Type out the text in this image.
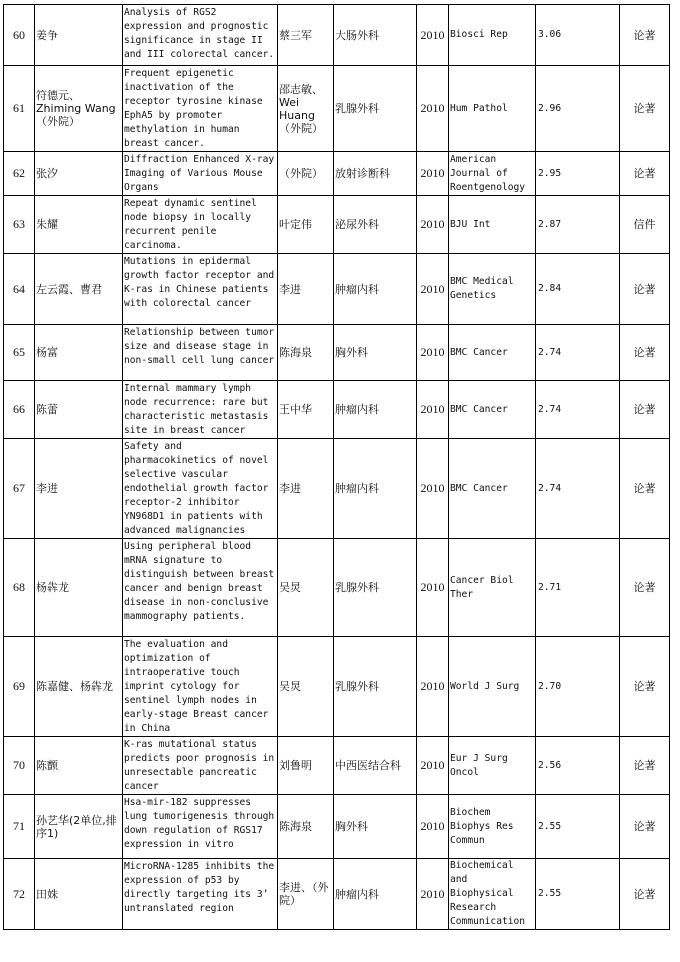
60	姜争	Analysis of RGS2 expression and prognostic significance in stage II and III colorectal cancer.	蔡三军	大肠外科	2010	Biosci Rep	3.06	论著
61	符德元、Zhiming Wang （外院）	Frequent epigenetic inactivation of the receptor tyrosine kinase EphA5 by promoter methylation in human breast cancer.	邵志敏、Wei Huang （外院）	乳腺外科	2010	Hum Pathol	2.96	论著
62	张汐	Diffraction Enhanced X-ray Imaging of Various Mouse Organs	（外院）	放射诊断科	2010	American Journal of Roentgenology	2.95	论著
63	朱耀	Repeat dynamic sentinel node biopsy in locally recurrent penile carcinoma.	叶定伟	泌尿外科	2010	BJU Int	2.87	信件
64	左云霞、曹君	Mutations in epidermal growth factor receptor and K-ras in Chinese patients with colorectal cancer	李进	肿瘤内科	2010	BMC Medical Genetics	2.84	论著
65	杨富	Relationship between tumor size and disease stage in non-small cell lung cancer	陈海泉	胸外科	2010	BMC Cancer	2.74	论著
66	陈蕾	Internal mammary lymph node recurrence: rare but characteristic metastasis site in breast cancer	王中华	肿瘤内科	2010	BMC Cancer	2.74	论著
67	李进	Safety and pharmacokinetics of novel selective vascular endothelial growth factor receptor-2 inhibitor YN968D1 in patients with advanced malignancies	李进	肿瘤内科	2010	BMC Cancer	2.74	论著
68	杨犇龙	Using peripheral blood mRNA signature to distinguish between breast cancer and benign breast disease in non-conclusive mammography patients.	吴炅	乳腺外科	2010	Cancer Biol Ther	2.71	论著
69	陈嘉健、杨犇龙	The evaluation and optimization of intraoperative touch imprint cytology for sentinel lymph nodes in early-stage Breast cancer in China	吴炅	乳腺外科	2010	World J Surg	2.70	论著
70	陈颤	K-ras mutational status predicts poor prognosis in unresectable pancreatic cancer	刘鲁明	中西医结合科	2010	Eur J Surg Oncol	2.56	论著
71	孙艺华(2单位,排序1)	Hsa-mir-182 suppresses lung tumorigenesis through down regulation of RGS17 expression in vitro	陈海泉	胸外科	2010	Biochem Biophys Res Commun	2.55	论著
72	田姝	MicroRNA-1285 inhibits the expression of p53 by directly targeting its 3’ untranslated region	李进、（外院）	肿瘤内科	2010	Biochemical and Biophysical Research Communication	2.55	论著
